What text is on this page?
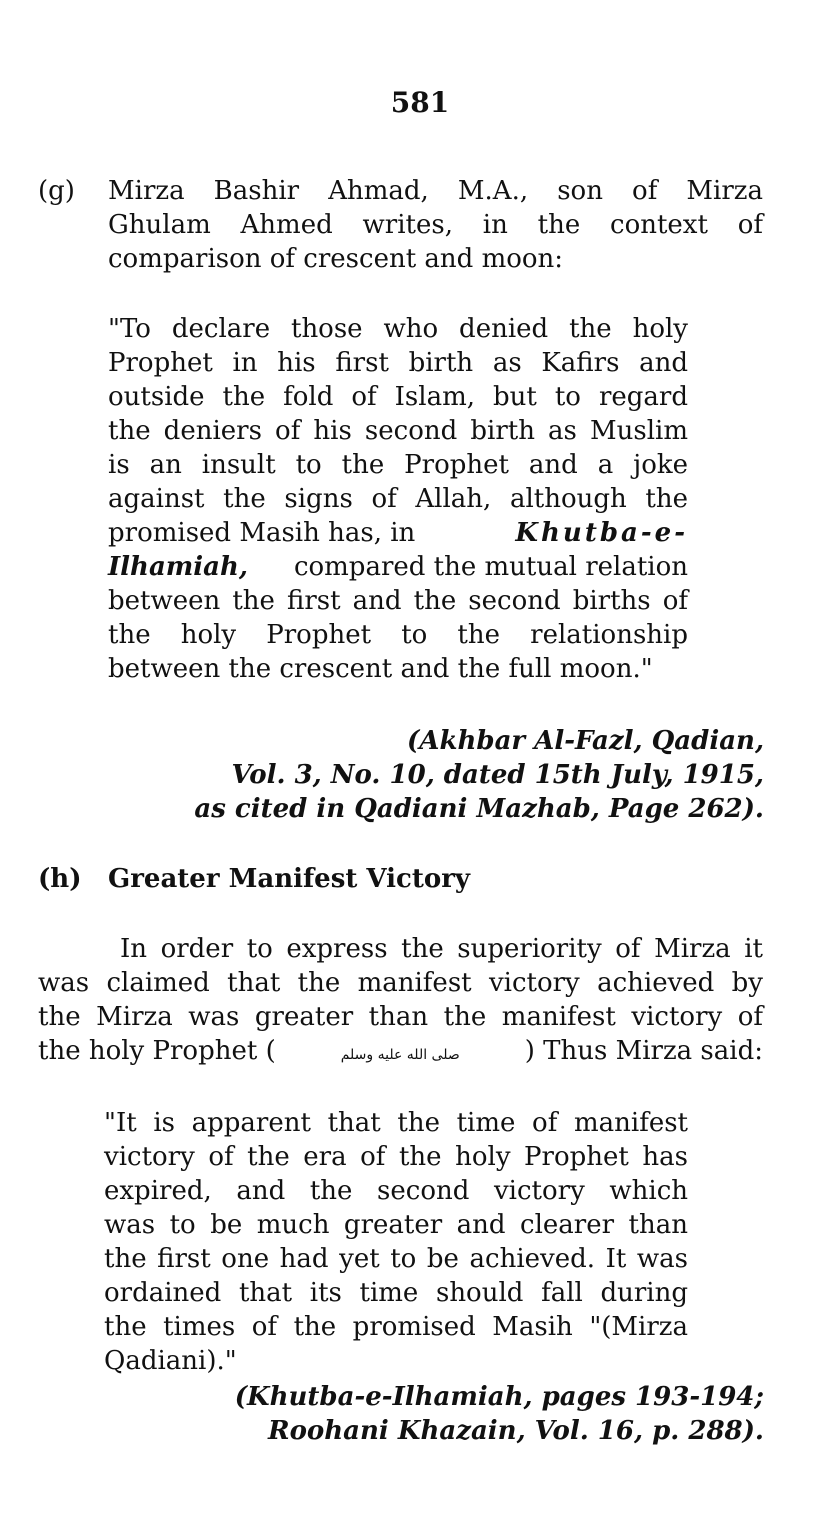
581
(g) Mirza Bashir Ahmad, M.A., son of Mirza
Ghulam Ahmed writes, in the context of
comparison of crescent and moon:
"To declare those who denied the holy
Prophet in his first birth as Kafirs and
outside the fold of Islam, but to regard
the deniers of his second birth as Muslim
is an insult to the Prophet and a joke
against the signs of Allah, although the
promised Masih has, in	Khutba-e-
Ilhamiah, compared the mutual relation
between the first and the second births of
the holy Prophet to the relationship
between the crescent and the full moon."
(Akhbar Al-Fazl, Qadian,
Vol. 3, No. 10, dated 15th July, 1915,
as cited in Qadiani Mazhab, Page 262).
(h) Greater Manifest Victory
In order to express the superiority of Mirza it
was claimed that the manifest victory achieved by
the Mirza was greater than the manifest victory of
the holy Prophet (	صلى الله عليه وسلم	) Thus Mirza said:
"It is apparent that the time of manifest
victory of the era of the holy Prophet has
expired, and the second victory which
was to be much greater and clearer than
the first one had yet to be achieved. It was
ordained that its time should fall during
the times of the promised Masih "(Mirza
Qadiani)."
(Khutba-e-Ilhamiah, pages 193-194;
Roohani Khazain, Vol. 16, p. 288).
